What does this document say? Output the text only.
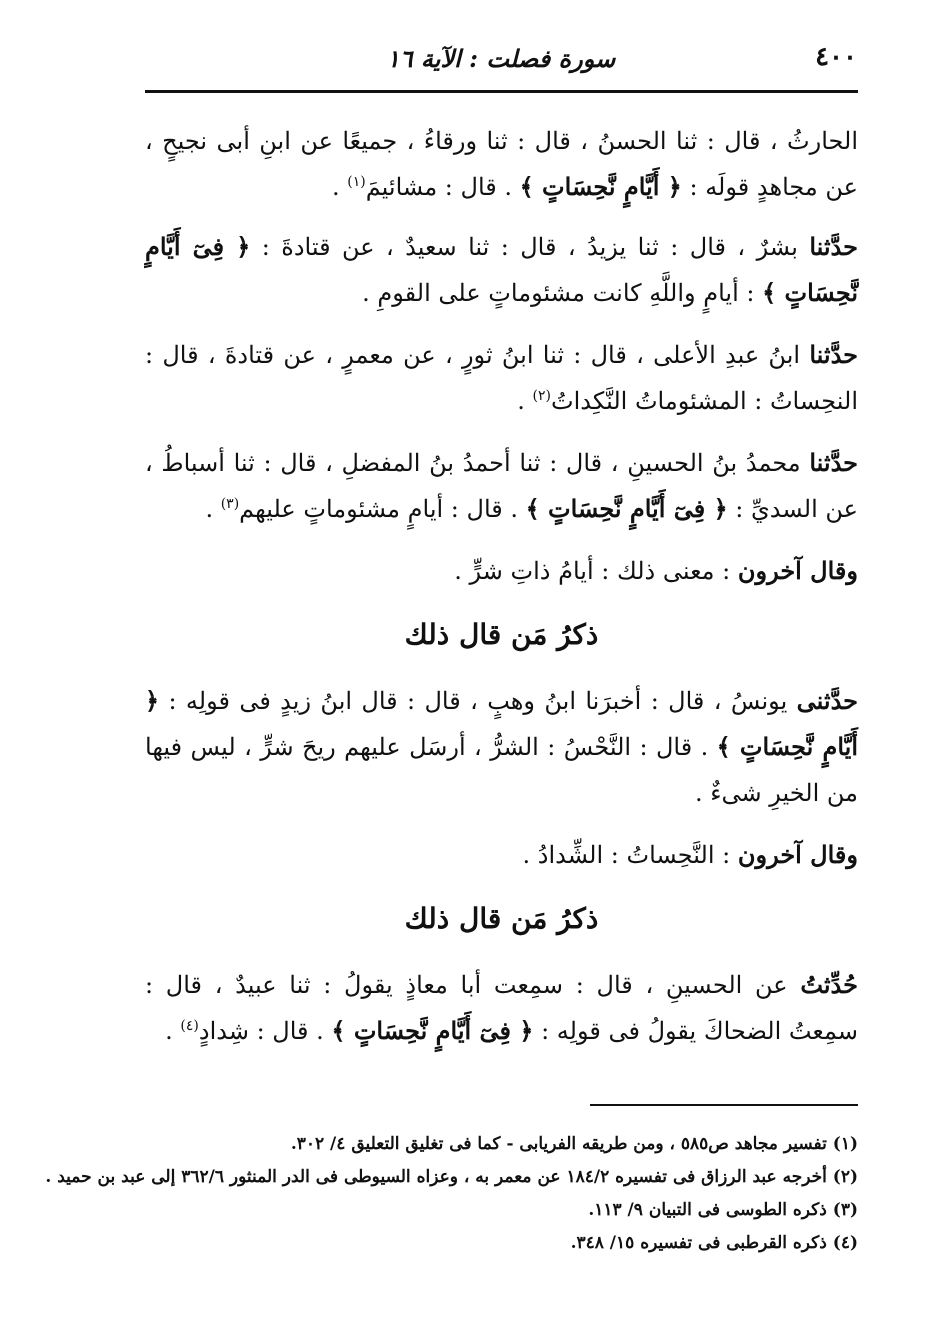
٤٠٠
سورة فصلت : الآية ١٦

الحارثُ ، قال : ثنا الحسنُ ، قال : ثنا ورقاءُ ، جميعًا عن ابنِ أبى نجيحٍ ، عن مجاهدٍ قولَه : ﴿ أَيَّامٍ نَّحِسَاتٍ ﴾ . قال : مشائيمَ$^{(١)}$ .

حدَّثنا بشرٌ ، قال : ثنا يزيدُ ، قال : ثنا سعيدٌ ، عن قتادةَ : ﴿ فِىٓ أَيَّامٍ نَّحِسَاتٍ ﴾ : أيامٍ واللَّهِ كانت مشئوماتٍ على القومِ .

حدَّثنا ابنُ عبدِ الأعلى ، قال : ثنا ابنُ ثورٍ ، عن معمرٍ ، عن قتادةَ ، قال : النحِساتُ : المشئوماتُ النَّكِداتُ$^{(٢)}$ .

حدَّثنا محمدُ بنُ الحسينِ ، قال : ثنا أحمدُ بنُ المفضلِ ، قال : ثنا أسباطُ ، عن السديِّ : ﴿ فِىٓ أَيَّامٍ نَّحِسَاتٍ ﴾ . قال : أيامٍ مشئوماتٍ عليهم$^{(٣)}$ .

وقال آخرون : معنى ذلك : أيامُ ذاتِ شرٍّ .

ذكرُ مَن قال ذلك

حدَّثنى يونسُ ، قال : أخبرَنا ابنُ وهبٍ ، قال : قال ابنُ زيدٍ فى قولِه : ﴿ أَيَّامٍ نَّحِسَاتٍ ﴾ . قال : النَّحْسُ : الشرُّ ، أرسَل عليهم ريحَ شرٍّ ، ليس فيها من الخيرِ شىءٌ .

وقال آخرون : النَّحِساتُ : الشِّدادُ .

ذكرُ مَن قال ذلك

حُدِّثتُ عن الحسينِ ، قال : سمِعت أبا معاذٍ يقولُ : ثنا عبيدٌ ، قال : سمِعتُ الضحاكَ يقولُ فى قولِه : ﴿ فِىٓ أَيَّامٍ نَّحِسَاتٍ ﴾ . قال : شِدادٍ$^{(٤)}$ .

(١) تفسير مجاهد ص٥٨٥ ، ومن طريقه الفريابى - كما فى تغليق التعليق ٤/ ٣٠٢.

(٢) أخرجه عبد الرزاق فى تفسيره ١٨٤/٢ عن معمر به ، وعزاه السيوطى فى الدر المنثور ٣٦٢/٦ إلى عبد بن حميد .

(٣) ذكره الطوسى فى التبيان ٩/ ١١٣.

(٤) ذكره القرطبى فى تفسيره ١٥/ ٣٤٨.
